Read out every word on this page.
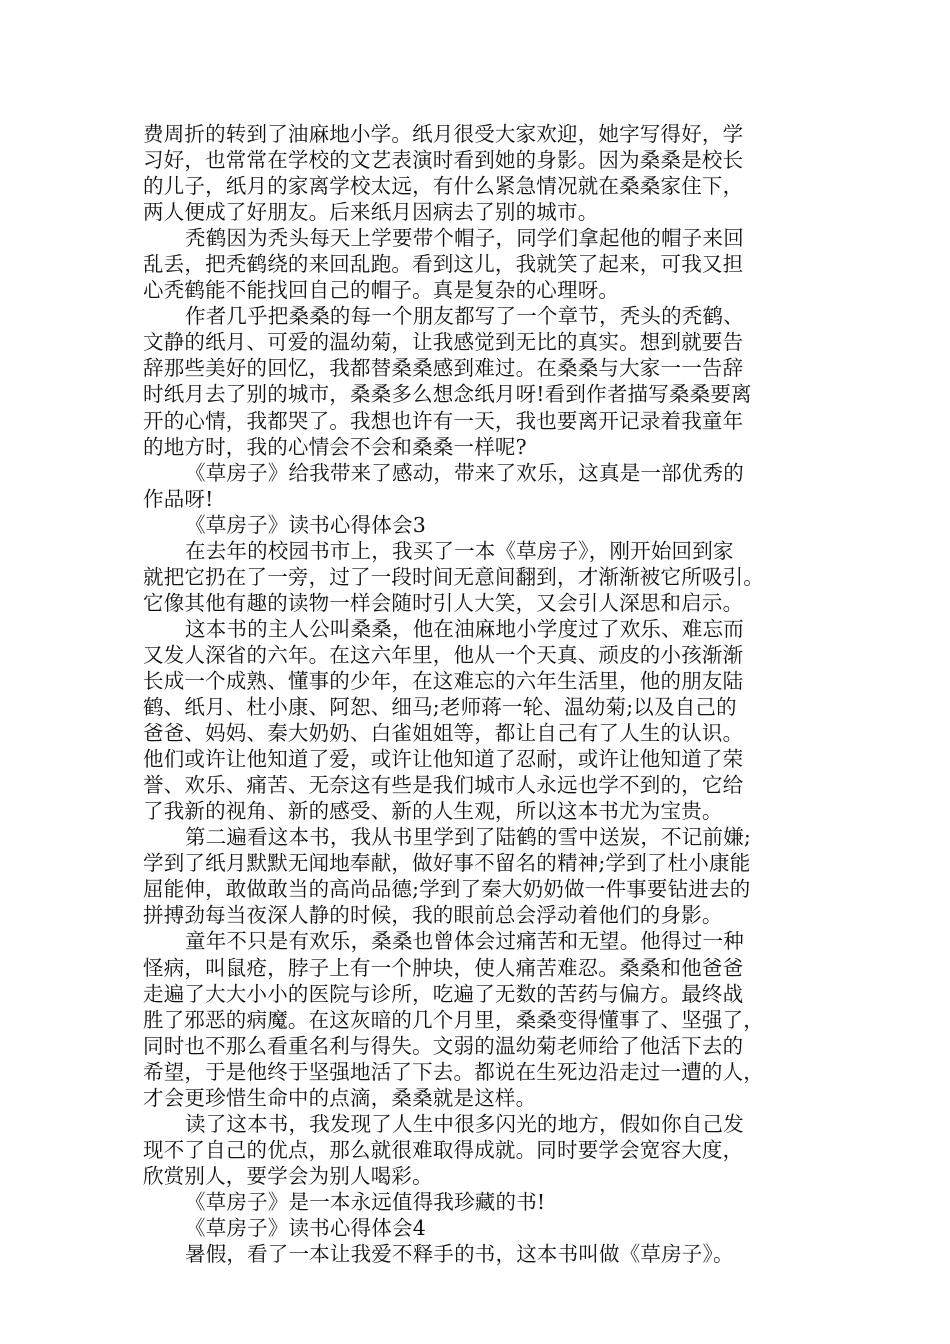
费周折的转到了油麻地小学。纸月很受大家欢迎，她字写得好，学
习好，也常常在学校的文艺表演时看到她的身影。因为桑桑是校长
的儿子，纸月的家离学校太远，有什么紧急情况就在桑桑家住下，
两人便成了好朋友。后来纸月因病去了别的城市。
秃鹤因为秃头每天上学要带个帽子，同学们拿起他的帽子来回
乱丢，把秃鹤绕的来回乱跑。看到这儿，我就笑了起来，可我又担
心秃鹤能不能找回自己的帽子。真是复杂的心理呀。
作者几乎把桑桑的每一个朋友都写了一个章节，秃头的秃鹤、
文静的纸月、可爱的温幼菊，让我感觉到无比的真实。想到就要告
辞那些美好的回忆，我都替桑桑感到难过。在桑桑与大家一一告辞
时纸月去了别的城市，桑桑多么想念纸月呀!看到作者描写桑桑要离
开的心情，我都哭了。我想也许有一天，我也要离开记录着我童年
的地方时，我的心情会不会和桑桑一样呢?
《草房子》给我带来了感动，带来了欢乐，这真是一部优秀的
作品呀!
《草房子》读书心得体会3
在去年的校园书市上，我买了一本《草房子》，刚开始回到家
就把它扔在了一旁，过了一段时间无意间翻到，才渐渐被它所吸引。
它像其他有趣的读物一样会随时引人大笑，又会引人深思和启示。
这本书的主人公叫桑桑，他在油麻地小学度过了欢乐、难忘而
又发人深省的六年。在这六年里，他从一个天真、顽皮的小孩渐渐
长成一个成熟、懂事的少年，在这难忘的六年生活里，他的朋友陆
鹤、纸月、杜小康、阿恕、细马;老师蒋一轮、温幼菊;以及自己的
爸爸、妈妈、秦大奶奶、白雀姐姐等，都让自己有了人生的认识。
他们或许让他知道了爱，或许让他知道了忍耐，或许让他知道了荣
誉、欢乐、痛苦、无奈这有些是我们城市人永远也学不到的，它给
了我新的视角、新的感受、新的人生观，所以这本书尤为宝贵。
第二遍看这本书，我从书里学到了陆鹤的雪中送炭，不记前嫌;
学到了纸月默默无闻地奉献，做好事不留名的精神;学到了杜小康能
屈能伸，敢做敢当的高尚品德;学到了秦大奶奶做一件事要钻进去的
拼搏劲每当夜深人静的时候，我的眼前总会浮动着他们的身影。
童年不只是有欢乐，桑桑也曾体会过痛苦和无望。他得过一种
怪病，叫鼠疮，脖子上有一个肿块，使人痛苦难忍。桑桑和他爸爸
走遍了大大小小的医院与诊所，吃遍了无数的苦药与偏方。最终战
胜了邪恶的病魔。在这灰暗的几个月里，桑桑变得懂事了、坚强了，
同时也不那么看重名利与得失。文弱的温幼菊老师给了他活下去的
希望，于是他终于坚强地活了下去。都说在生死边沿走过一遭的人，
才会更珍惜生命中的点滴，桑桑就是这样。
读了这本书，我发现了人生中很多闪光的地方，假如你自己发
现不了自己的优点，那么就很难取得成就。同时要学会宽容大度，
欣赏别人，要学会为别人喝彩。
《草房子》是一本永远值得我珍藏的书!
《草房子》读书心得体会4
暑假，看了一本让我爱不释手的书，这本书叫做《草房子》。
